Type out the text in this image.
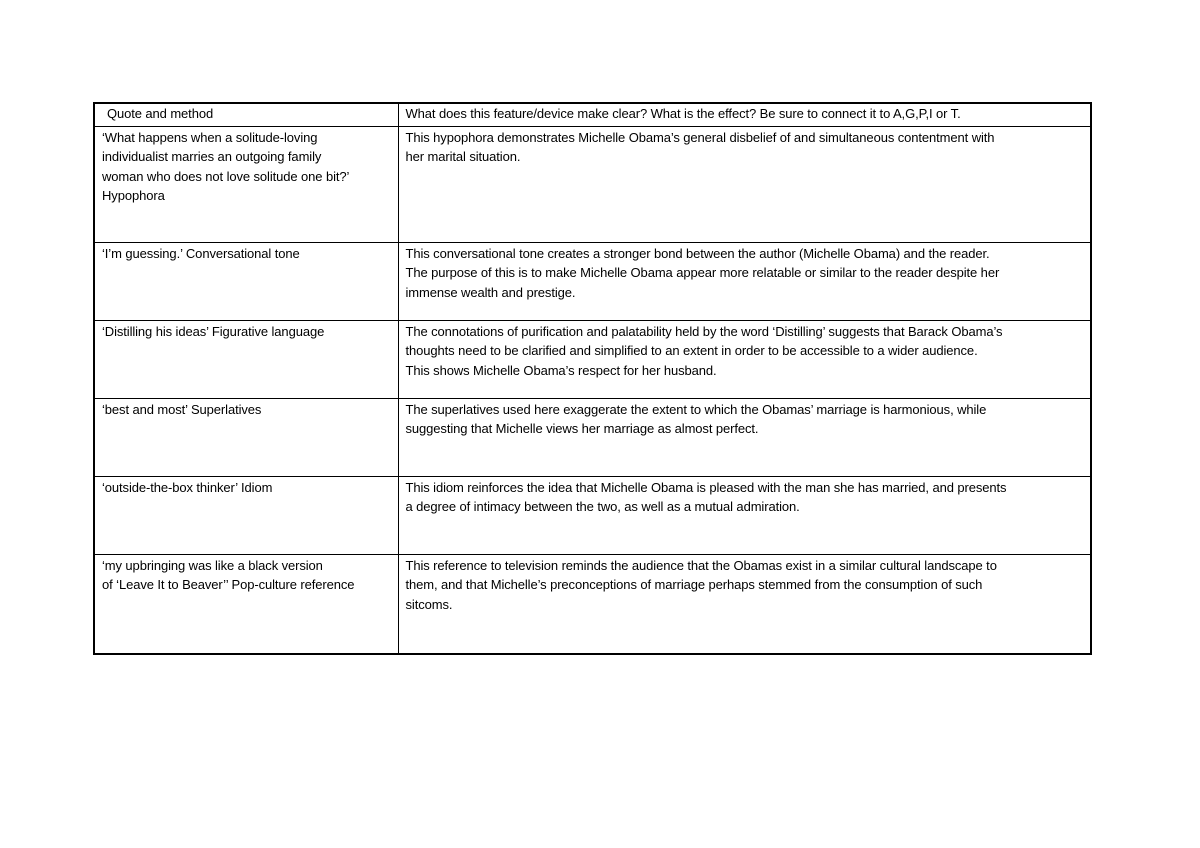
Quote and method	What does this feature/device make clear? What is the effect? Be sure to connect it to A,G,P,I or T.

‘What happens when a solitude-loving
individualist marries an outgoing family
woman who does not love solitude one bit?’
Hypophora	This hypophora demonstrates Michelle Obama’s general disbelief of and simultaneous contentment with
her marital situation.

‘I’m guessing.’ Conversational tone	This conversational tone creates a stronger bond between the author (Michelle Obama) and the reader.
The purpose of this is to make Michelle Obama appear more relatable or similar to the reader despite her
immense wealth and prestige.

‘Distilling his ideas’ Figurative language	The connotations of purification and palatability held by the word ‘Distilling’ suggests that Barack Obama’s
thoughts need to be clarified and simplified to an extent in order to be accessible to a wider audience.
This shows Michelle Obama’s respect for her husband.

‘best and most’ Superlatives	The superlatives used here exaggerate the extent to which the Obamas’ marriage is harmonious, while
suggesting that Michelle views her marriage as almost perfect.

‘outside-the-box thinker’ Idiom	This idiom reinforces the idea that Michelle Obama is pleased with the man she has married, and presents
a degree of intimacy between the two, as well as a mutual admiration.

‘my upbringing was like a black version
of ‘Leave It to Beaver’’ Pop-culture reference	This reference to television reminds the audience that the Obamas exist in a similar cultural landscape to
them, and that Michelle’s preconceptions of marriage perhaps stemmed from the consumption of such
sitcoms.
